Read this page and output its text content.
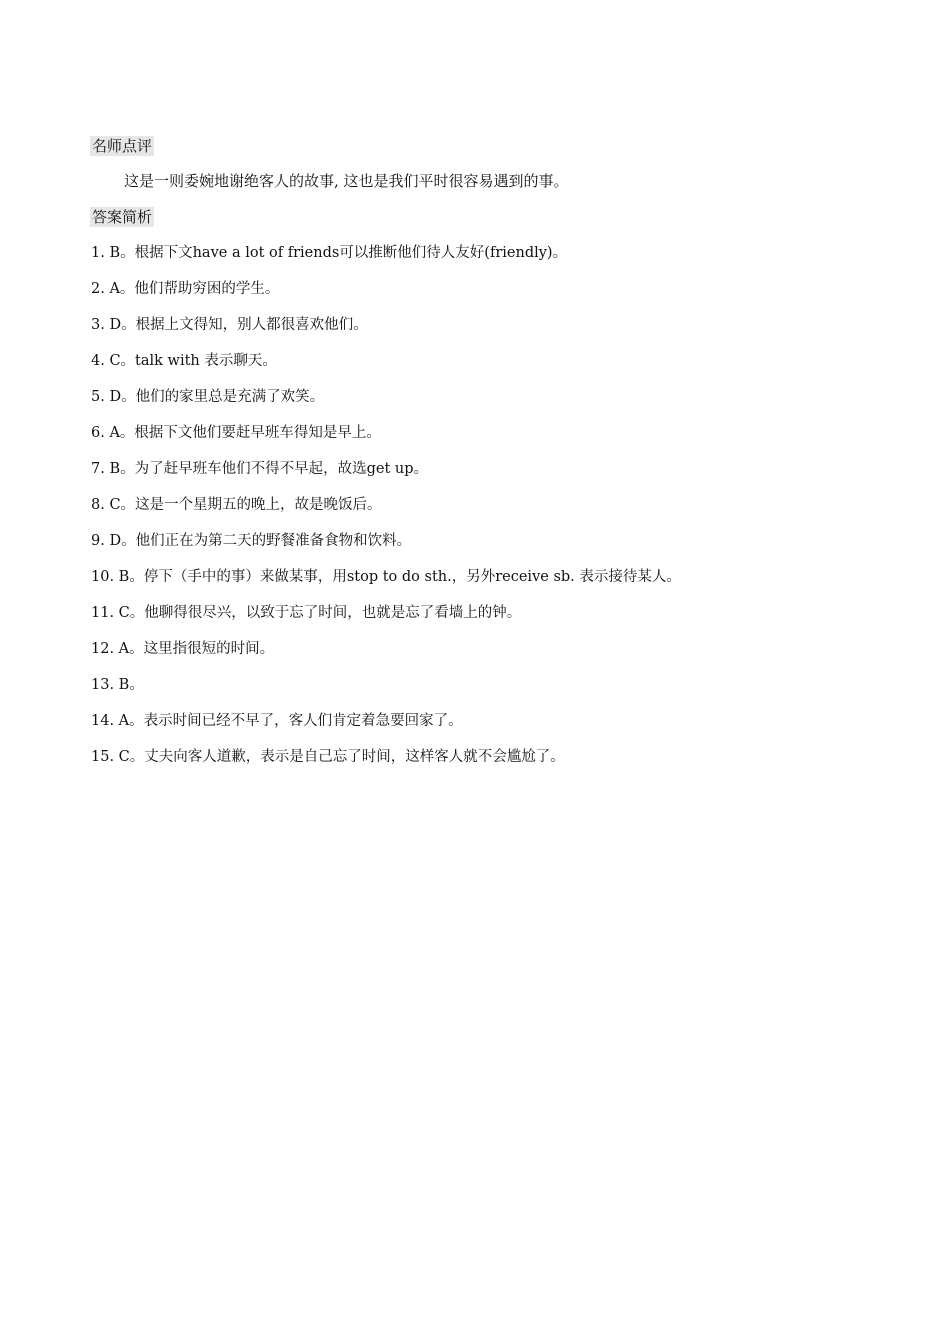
名师点评
这是一则委婉地谢绝客人的故事, 这也是我们平时很容易遇到的事。
答案简析
1. B。根据下文have a lot of friends可以推断他们待人友好(friendly)。
2. A。他们帮助穷困的学生。
3. D。根据上文得知，别人都很喜欢他们。
4. C。talk with 表示聊天。
5. D。他们的家里总是充满了欢笑。
6. A。根据下文他们要赶早班车得知是早上。
7. B。为了赶早班车他们不得不早起，故选get up。
8. C。这是一个星期五的晚上，故是晚饭后。
9. D。他们正在为第二天的野餐准备食物和饮料。
10. B。停下（手中的事）来做某事，用stop to do sth.，另外receive sb. 表示接待某人。
11. C。他聊得很尽兴，以致于忘了时间，也就是忘了看墙上的钟。
12. A。这里指很短的时间。
13. B。
14. A。表示时间已经不早了，客人们肯定着急要回家了。
15. C。丈夫向客人道歉，表示是自己忘了时间，这样客人就不会尴尬了。
